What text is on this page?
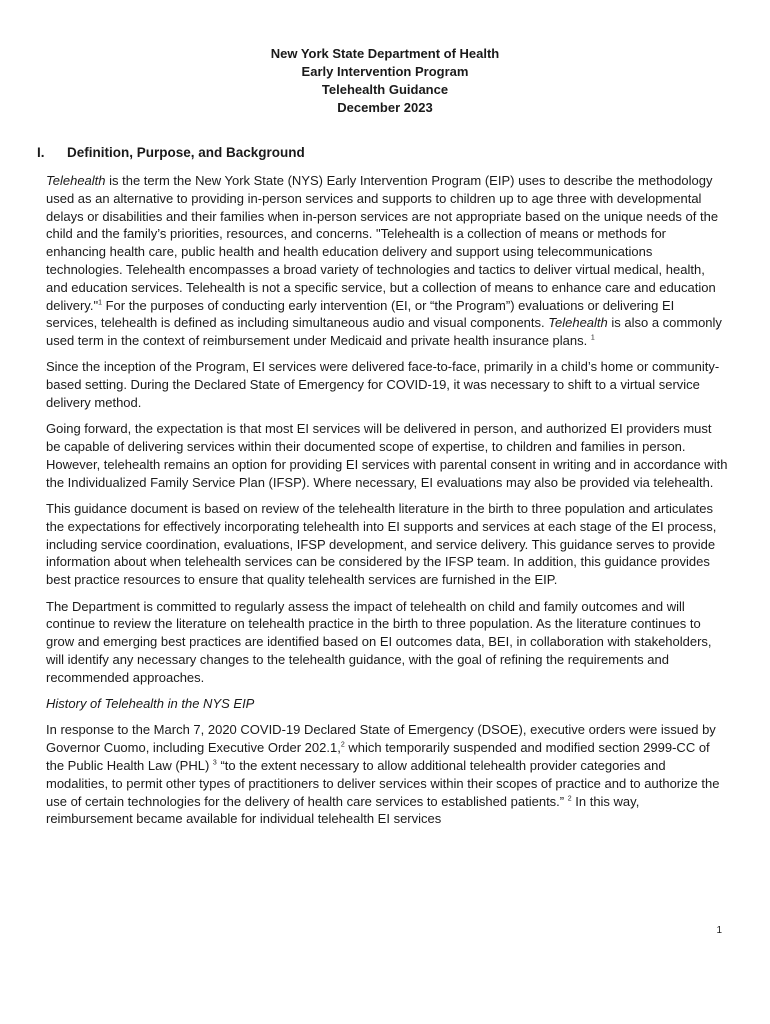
New York State Department of Health
Early Intervention Program
Telehealth Guidance
December 2023
I. Definition, Purpose, and Background

Telehealth is the term the New York State (NYS) Early Intervention Program (EIP) uses to describe the methodology used as an alternative to providing in-person services and supports to children up to age three with developmental delays or disabilities and their families when in-person services are not appropriate based on the unique needs of the child and the family’s priorities, resources, and concerns. "Telehealth is a collection of means or methods for enhancing health care, public health and health education delivery and support using telecommunications technologies. Telehealth encompasses a broad variety of technologies and tactics to deliver virtual medical, health, and education services. Telehealth is not a specific service, but a collection of means to enhance care and education delivery."$^1$ For the purposes of conducting early intervention (EI, or “the Program”) evaluations or delivering EI services, telehealth is defined as including simultaneous audio and visual components. Telehealth is also a commonly used term in the context of reimbursement under Medicaid and private health insurance plans. $^1$

Since the inception of the Program, EI services were delivered face-to-face, primarily in a child’s home or community-based setting. During the Declared State of Emergency for COVID-19, it was necessary to shift to a virtual service delivery method.

Going forward, the expectation is that most EI services will be delivered in person, and authorized EI providers must be capable of delivering services within their documented scope of expertise, to children and families in person. However, telehealth remains an option for providing EI services with parental consent in writing and in accordance with the Individualized Family Service Plan (IFSP). Where necessary, EI evaluations may also be provided via telehealth.

This guidance document is based on review of the telehealth literature in the birth to three population and articulates the expectations for effectively incorporating telehealth into EI supports and services at each stage of the EI process, including service coordination, evaluations, IFSP development, and service delivery. This guidance serves to provide information about when telehealth services can be considered by the IFSP team. In addition, this guidance provides best practice resources to ensure that quality telehealth services are furnished in the EIP.

The Department is committed to regularly assess the impact of telehealth on child and family outcomes and will continue to review the literature on telehealth practice in the birth to three population. As the literature continues to grow and emerging best practices are identified based on EI outcomes data, BEI, in collaboration with stakeholders, will identify any necessary changes to the telehealth guidance, with the goal of refining the requirements and recommended approaches.

History of Telehealth in the NYS EIP

In response to the March 7, 2020 COVID-19 Declared State of Emergency (DSOE), executive orders were issued by Governor Cuomo, including Executive Order 202.1,$^2$ which temporarily suspended and modified section 2999-CC of the Public Health Law (PHL) $^3$ “to the extent necessary to allow additional telehealth provider categories and modalities, to permit other types of practitioners to deliver services within their scopes of practice and to authorize the use of certain technologies for the delivery of health care services to established patients.” $^2$ In this way, reimbursement became available for individual telehealth EI services

1
